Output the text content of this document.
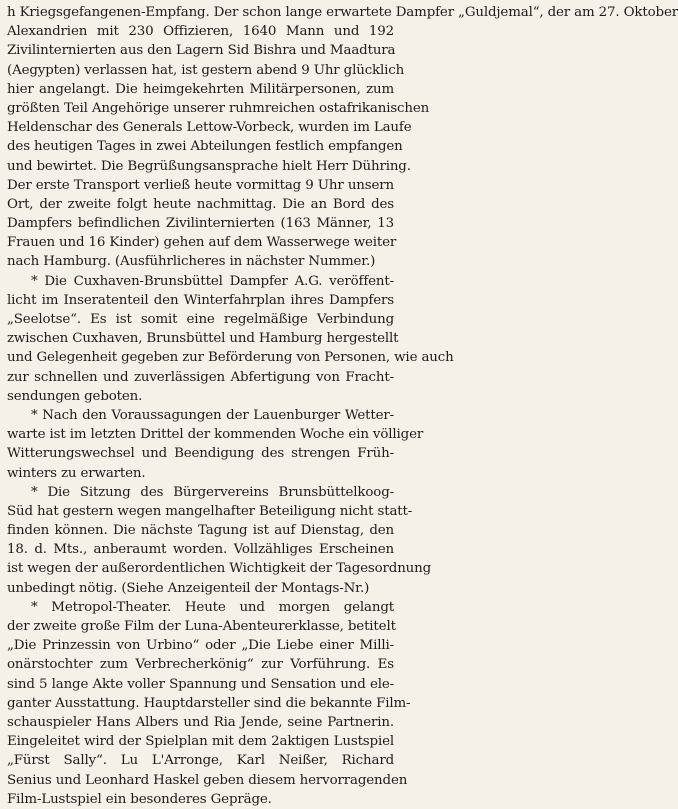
h Kriegsgefangenen-Empfang. Der schon lange erwartete Dampfer „Guldjemal“, der am 27. Oktober
Alexandrien mit 230 Offizieren, 1640 Mann und 192
Zivilinternierten aus den Lagern Sid Bishra und Maadtura
(Aegypten) verlassen hat, ist gestern abend 9 Uhr glücklich
hier angelangt. Die heimgekehrten Militärpersonen, zum
größten Teil Angehörige unserer ruhmreichen ostafrikanischen
Heldenschar des Generals Lettow-Vorbeck, wurden im Laufe
des heutigen Tages in zwei Abteilungen festlich empfangen
und bewirtet. Die Begrüßungsansprache hielt Herr Dühring.
Der erste Transport verließ heute vormittag 9 Uhr unsern
Ort, der zweite folgt heute nachmittag. Die an Bord des
Dampfers befindlichen Zivilinternierten (163 Männer, 13
Frauen und 16 Kinder) gehen auf dem Wasserwege weiter
nach Hamburg. (Ausführlicheres in nächster Nummer.)
* Die Cuxhaven-Brunsbüttel Dampfer A.G. veröffent-
licht im Inseratenteil den Winterfahrplan ihres Dampfers
„Seelotse“. Es ist somit eine regelmäßige Verbindung
zwischen Cuxhaven, Brunsbüttel und Hamburg hergestellt
und Gelegenheit gegeben zur Beförderung von Personen, wie auch
zur schnellen und zuverlässigen Abfertigung von Fracht-
sendungen geboten.
* Nach den Voraussagungen der Lauenburger Wetter-
warte ist im letzten Drittel der kommenden Woche ein völliger
Witterungswechsel und Beendigung des strengen Früh-
winters zu erwarten.
* Die Sitzung des Bürgervereins Brunsbüttelkoog-
Süd hat gestern wegen mangelhafter Beteiligung nicht statt-
finden können. Die nächste Tagung ist auf Dienstag, den
18. d. Mts., anberaumt worden. Vollzähliges Erscheinen
ist wegen der außerordentlichen Wichtigkeit der Tagesordnung
unbedingt nötig. (Siehe Anzeigenteil der Montags-Nr.)
* Metropol-Theater. Heute und morgen gelangt
der zweite große Film der Luna-Abenteurerklasse, betitelt
„Die Prinzessin von Urbino“ oder „Die Liebe einer Milli-
onärstochter zum Verbrecherkönig“ zur Vorführung. Es
sind 5 lange Akte voller Spannung und Sensation und ele-
ganter Ausstattung. Hauptdarsteller sind die bekannte Film-
schauspieler Hans Albers und Ria Jende, seine Partnerin.
Eingeleitet wird der Spielplan mit dem 2aktigen Lustspiel
„Fürst Sally“. Lu L'Arronge, Karl Neißer, Richard
Senius und Leonhard Haskel geben diesem hervorragenden
Film-Lustspiel ein besonderes Gepräge.
